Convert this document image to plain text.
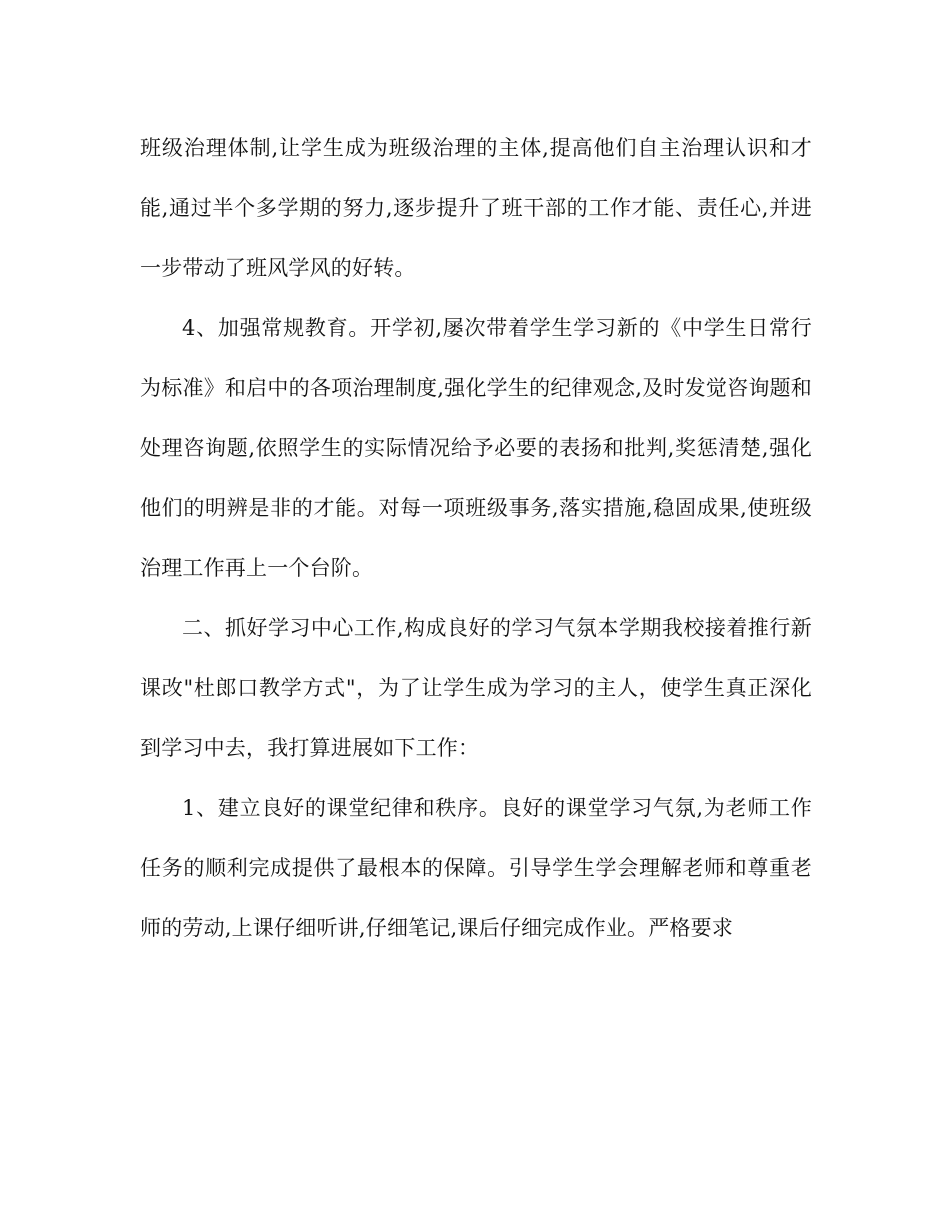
班级治理体制,让学生成为班级治理的主体,提高他们自主治理认识和才能,通过半个多学期的努力,逐步提升了班干部的工作才能、责任心,并进一步带动了班风学风的好转。

4、加强常规教育。开学初,屡次带着学生学习新的《中学生日常行为标准》和启中的各项治理制度,强化学生的纪律观念,及时发觉咨询题和处理咨询题,依照学生的实际情况给予必要的表扬和批判,奖惩清楚,强化他们的明辨是非的才能。对每一项班级事务,落实措施,稳固成果,使班级治理工作再上一个台阶。

二、抓好学习中心工作,构成良好的学习气氛本学期我校接着推行新课改"杜郎口教学方式"，为了让学生成为学习的主人，使学生真正深化到学习中去，我打算进展如下工作：

1、建立良好的课堂纪律和秩序。良好的课堂学习气氛,为老师工作任务的顺利完成提供了最根本的保障。引导学生学会理解老师和尊重老师的劳动,上课仔细听讲,仔细笔记,课后仔细完成作业。严格要求
